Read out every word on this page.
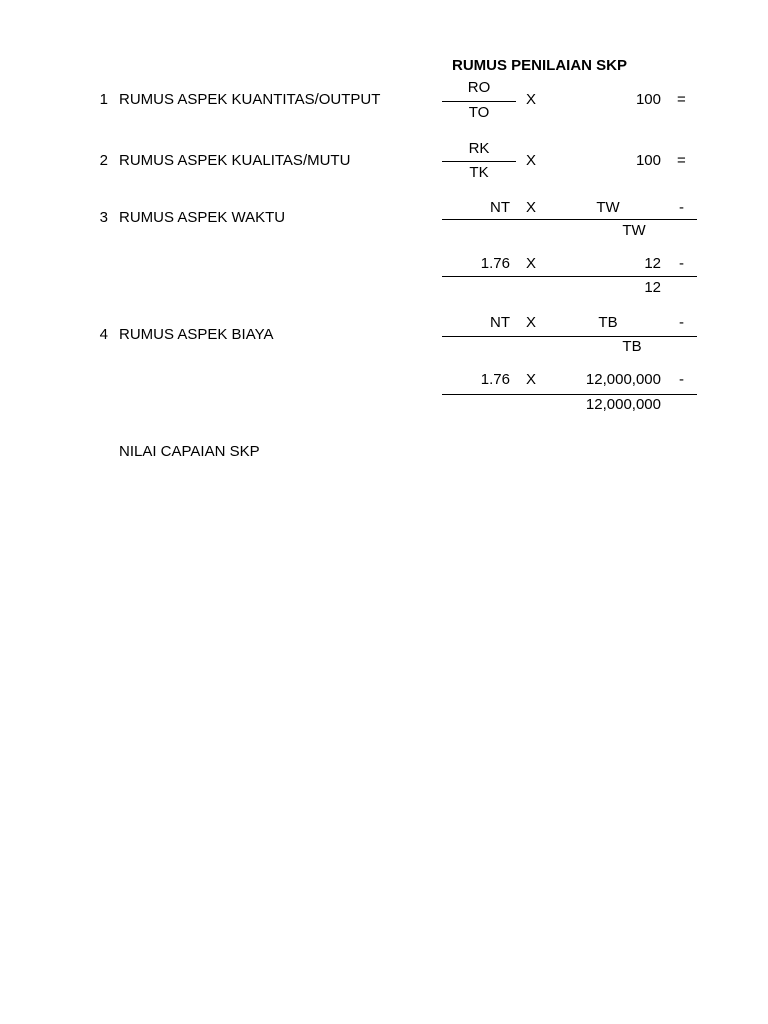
RUMUS PENILAIAN SKP
1 RUMUS ASPEK KUANTITAS/OUTPUT
RO
TO
X	100 =
2 RUMUS ASPEK KUALITAS/MUTU
RK
TK
X	100 =
3 RUMUS ASPEK WAKTU
NT X	TW	-
TW
1.76 X	12 -
12
4 RUMUS ASPEK BIAYA
NT X	TB	-
TB
1.76 X	12,000,000 -
12,000,000
NILAI CAPAIAN SKP
